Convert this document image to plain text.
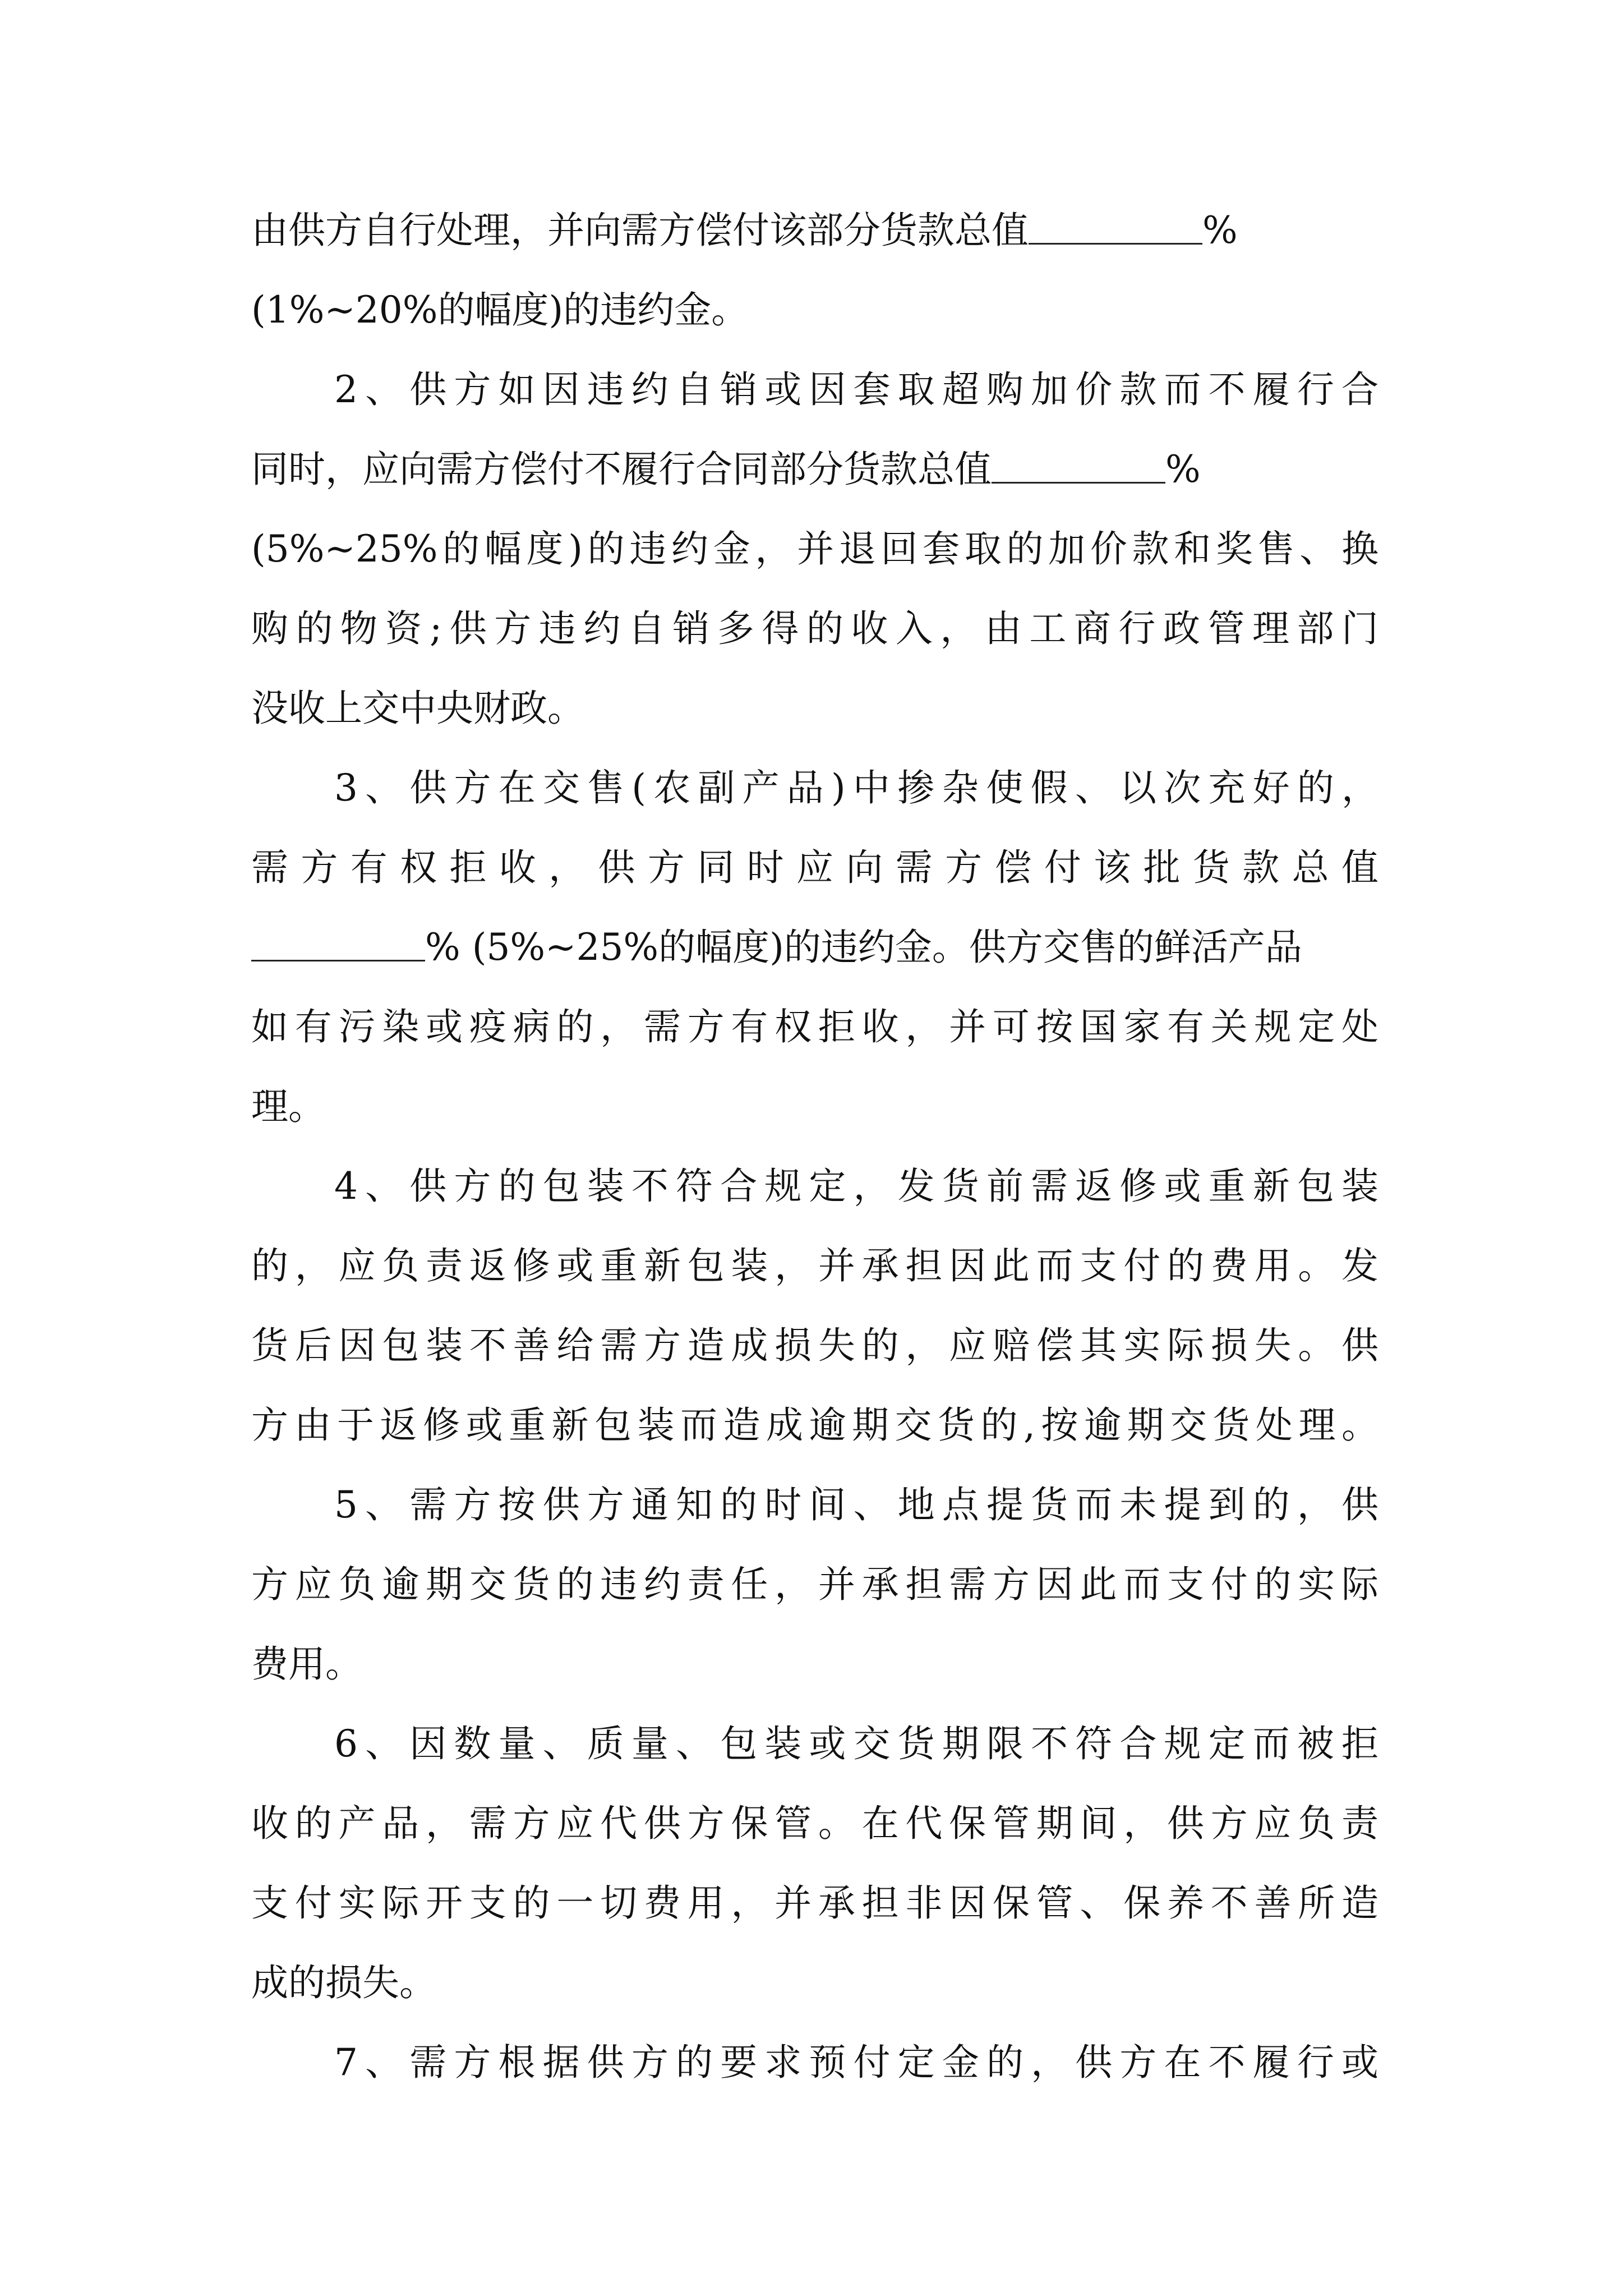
由供方自行处理，并向需方偿付该部分货款总值	%
(1%~20%的幅度)的违约金。
2、供方如因违约自销或因套取超购加价款而不履行合
同时，应向需方偿付不履行合同部分货款总值	%
(5%~25%的幅度)的违约金，并退回套取的加价款和奖售、换
购的物资;供方违约自销多得的收入，由工商行政管理部门
没收上交中央财政。
3、供方在交售(农副产品)中掺杂使假、以次充好的，
需方有权拒收，供方同时应向需方偿付该批货款总值
% (5%~25%的幅度)的违约金。供方交售的鲜活产品
如有污染或疫病的，需方有权拒收，并可按国家有关规定处
理。
4、供方的包装不符合规定，发货前需返修或重新包装
的，应负责返修或重新包装，并承担因此而支付的费用。发
货后因包装不善给需方造成损失的，应赔偿其实际损失。供
方由于返修或重新包装而造成逾期交货的,按逾期交货处理。
5、需方按供方通知的时间、地点提货而未提到的，供
方应负逾期交货的违约责任，并承担需方因此而支付的实际
费用。
6、因数量、质量、包装或交货期限不符合规定而被拒
收的产品，需方应代供方保管。在代保管期间，供方应负责
支付实际开支的一切费用，并承担非因保管、保养不善所造
成的损失。
7、需方根据供方的要求预付定金的，供方在不履行或
